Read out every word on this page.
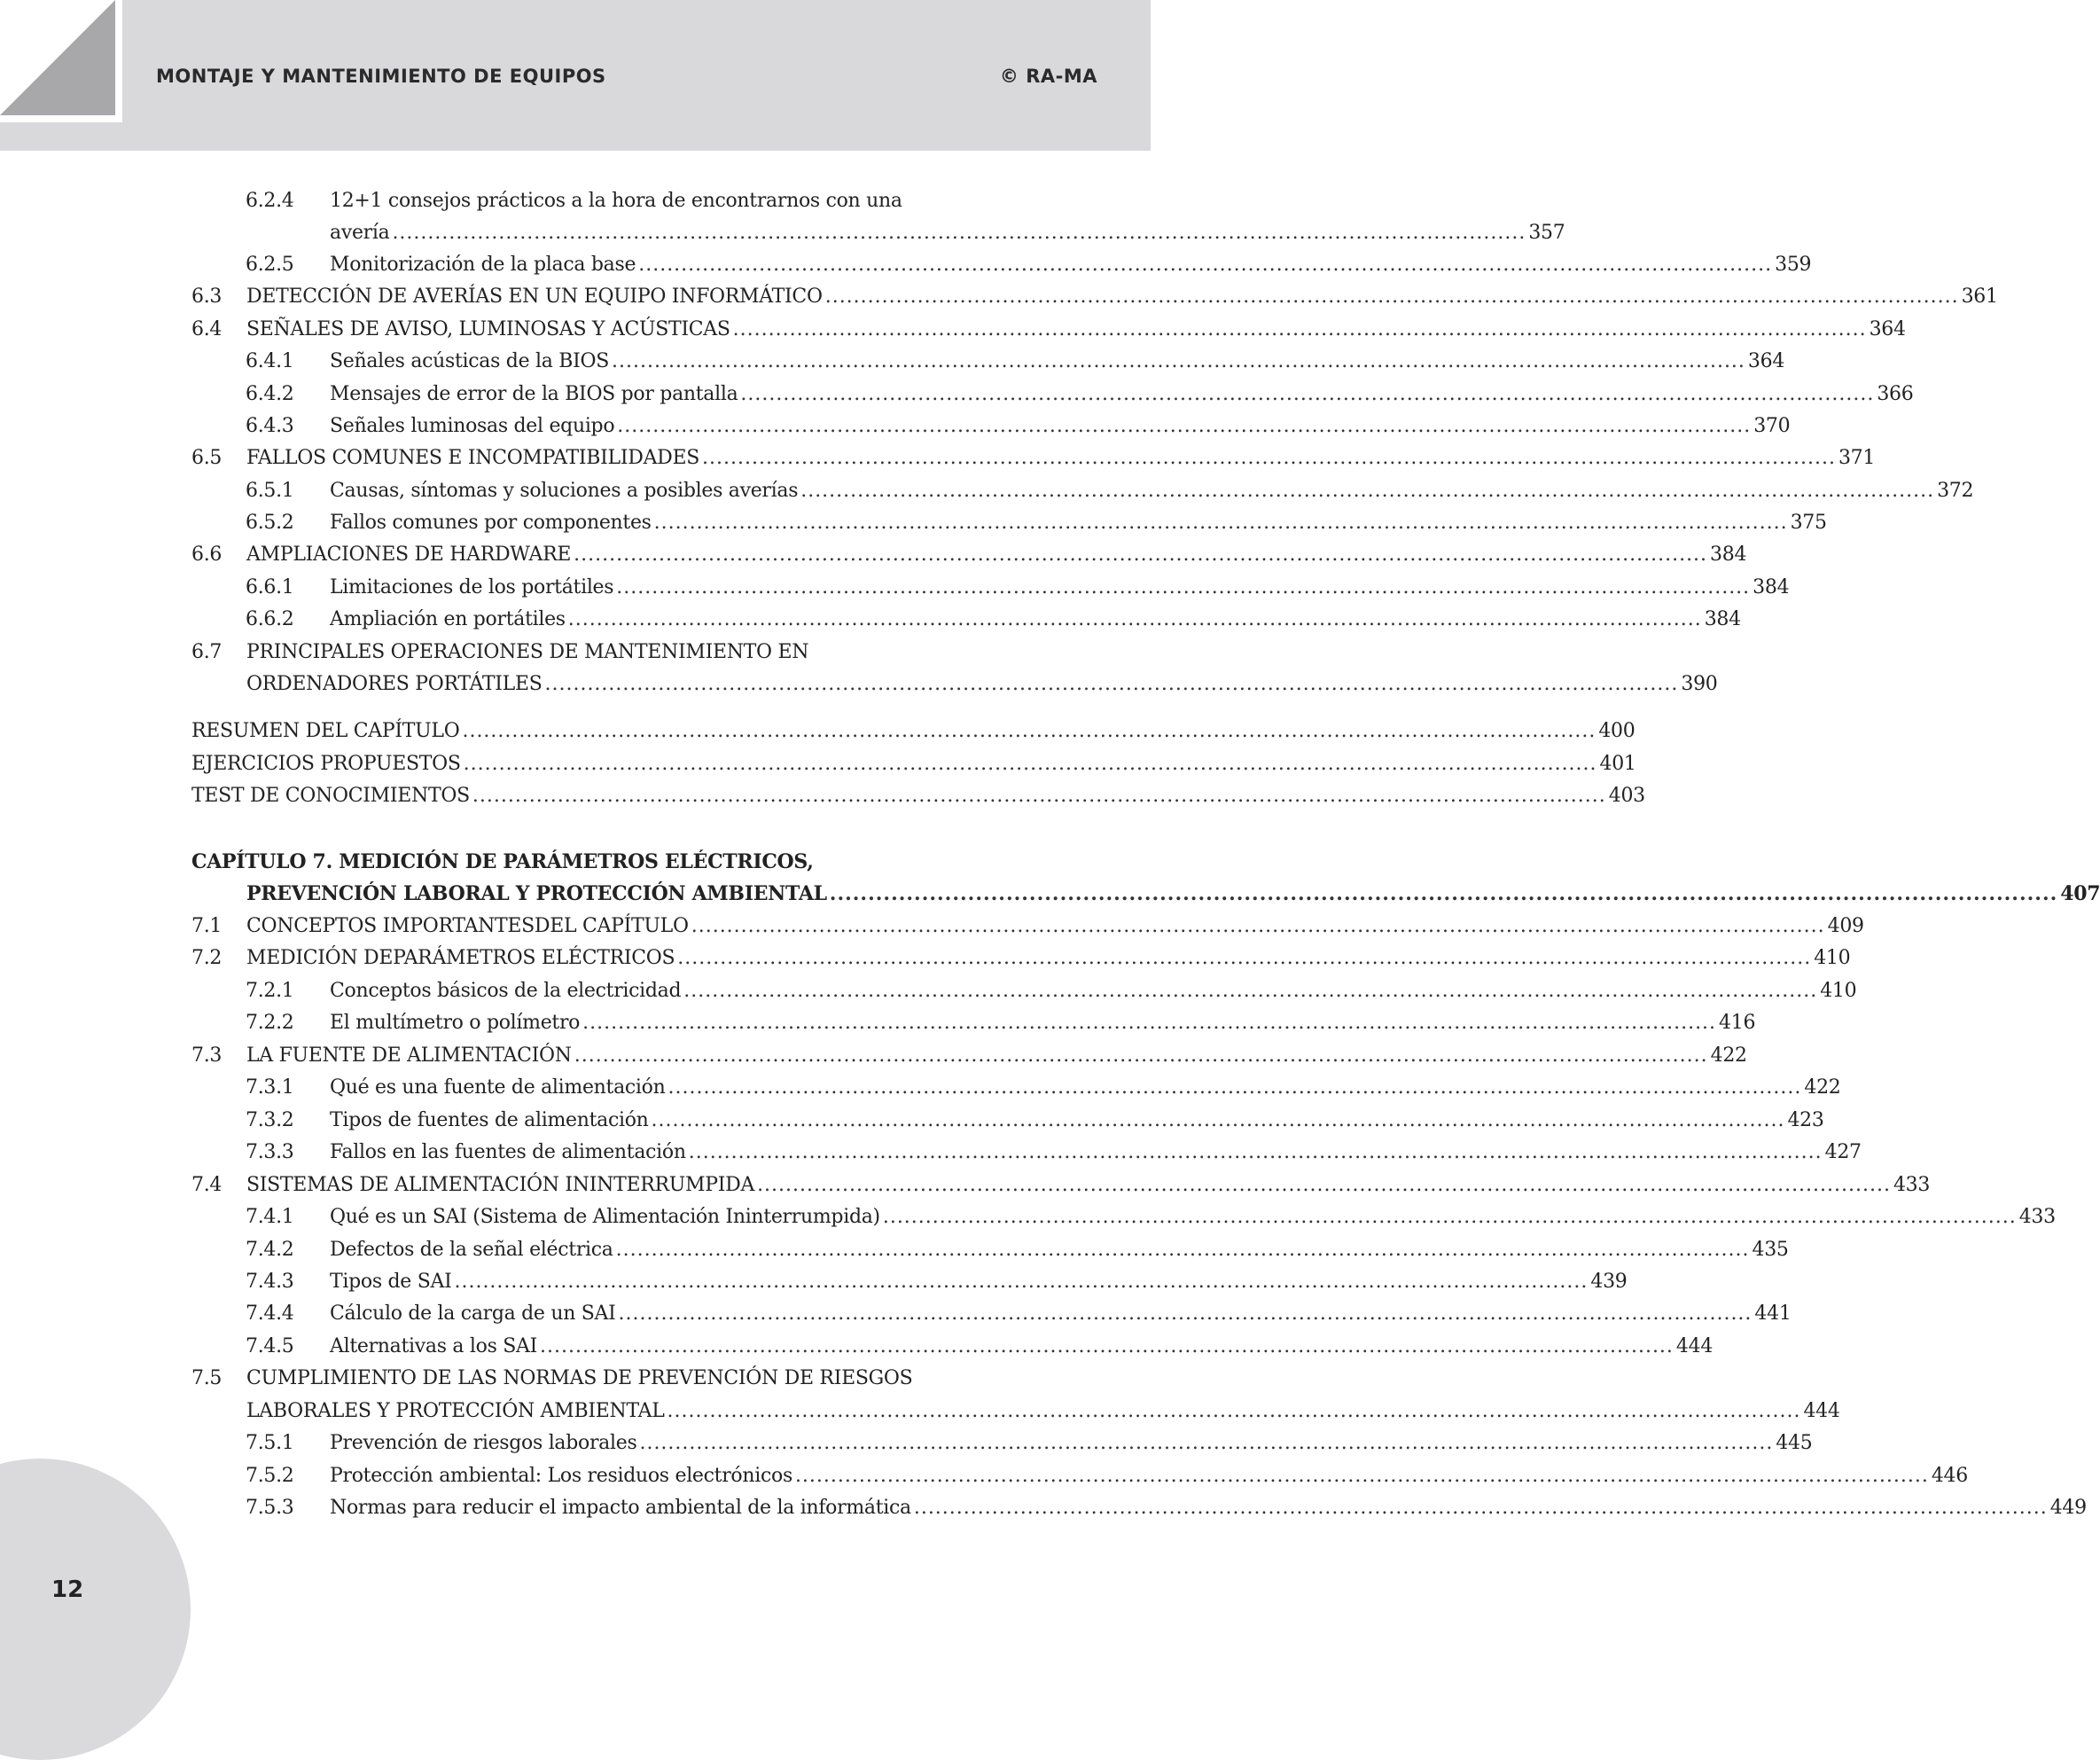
MONTAJE Y MANTENIMIENTO DE EQUIPOS	© RA-MA
6.2.4 12+1 consejos prácticos a la hora de encontrarnos con una
avería ................................................................................................................................................................ 357
6.2.5 Monitorización de la placa base ................................................................................................................................................................ 359
6.3 DETECCIÓN DE AVERÍAS EN UN EQUIPO INFORMÁTICO ................................................................................................................................................................ 361
6.4 SEÑALES DE AVISO, LUMINOSAS Y ACÚSTICAS ................................................................................................................................................................ 364
6.4.1 Señales acústicas de la BIOS ................................................................................................................................................................ 364
6.4.2 Mensajes de error de la BIOS por pantalla ................................................................................................................................................................ 366
6.4.3 Señales luminosas del equipo ................................................................................................................................................................ 370
6.5 FALLOS COMUNES E INCOMPATIBILIDADES ................................................................................................................................................................ 371
6.5.1 Causas, síntomas y soluciones a posibles averías ................................................................................................................................................................ 372
6.5.2 Fallos comunes por componentes ................................................................................................................................................................ 375
6.6 AMPLIACIONES DE HARDWARE ................................................................................................................................................................ 384
6.6.1 Limitaciones de los portátiles ................................................................................................................................................................ 384
6.6.2 Ampliación en portátiles ................................................................................................................................................................ 384
6.7 PRINCIPALES OPERACIONES DE MANTENIMIENTO EN
ORDENADORES PORTÁTILES ................................................................................................................................................................ 390
RESUMEN DEL CAPÍTULO ................................................................................................................................................................ 400
EJERCICIOS PROPUESTOS ................................................................................................................................................................ 401
TEST DE CONOCIMIENTOS ................................................................................................................................................................ 403
CAPÍTULO 7. MEDICIÓN DE PARÁMETROS ELÉCTRICOS,
PREVENCIÓN LABORAL Y PROTECCIÓN AMBIENTAL ................................................................................................................................................................ 407
7.1 CONCEPTOS IMPORTANTESDEL CAPÍTULO ................................................................................................................................................................ 409
7.2 MEDICIÓN DEPARÁMETROS ELÉCTRICOS ................................................................................................................................................................ 410
7.2.1 Conceptos básicos de la electricidad ................................................................................................................................................................ 410
7.2.2 El multímetro o polímetro ................................................................................................................................................................ 416
7.3 LA FUENTE DE ALIMENTACIÓN ................................................................................................................................................................ 422
7.3.1 Qué es una fuente de alimentación ................................................................................................................................................................ 422
7.3.2 Tipos de fuentes de alimentación ................................................................................................................................................................ 423
7.3.3 Fallos en las fuentes de alimentación ................................................................................................................................................................ 427
7.4 SISTEMAS DE ALIMENTACIÓN ININTERRUMPIDA ................................................................................................................................................................ 433
7.4.1 Qué es un SAI (Sistema de Alimentación Ininterrumpida) ................................................................................................................................................................ 433
7.4.2 Defectos de la señal eléctrica ................................................................................................................................................................ 435
7.4.3 Tipos de SAI ................................................................................................................................................................ 439
7.4.4 Cálculo de la carga de un SAI ................................................................................................................................................................ 441
7.4.5 Alternativas a los SAI ................................................................................................................................................................ 444
7.5 CUMPLIMIENTO DE LAS NORMAS DE PREVENCIÓN DE RIESGOS
LABORALES Y PROTECCIÓN AMBIENTAL ................................................................................................................................................................ 444
7.5.1 Prevención de riesgos laborales ................................................................................................................................................................ 445
7.5.2 Protección ambiental: Los residuos electrónicos ................................................................................................................................................................ 446
7.5.3 Normas para reducir el impacto ambiental de la informática ................................................................................................................................................................ 449
12
